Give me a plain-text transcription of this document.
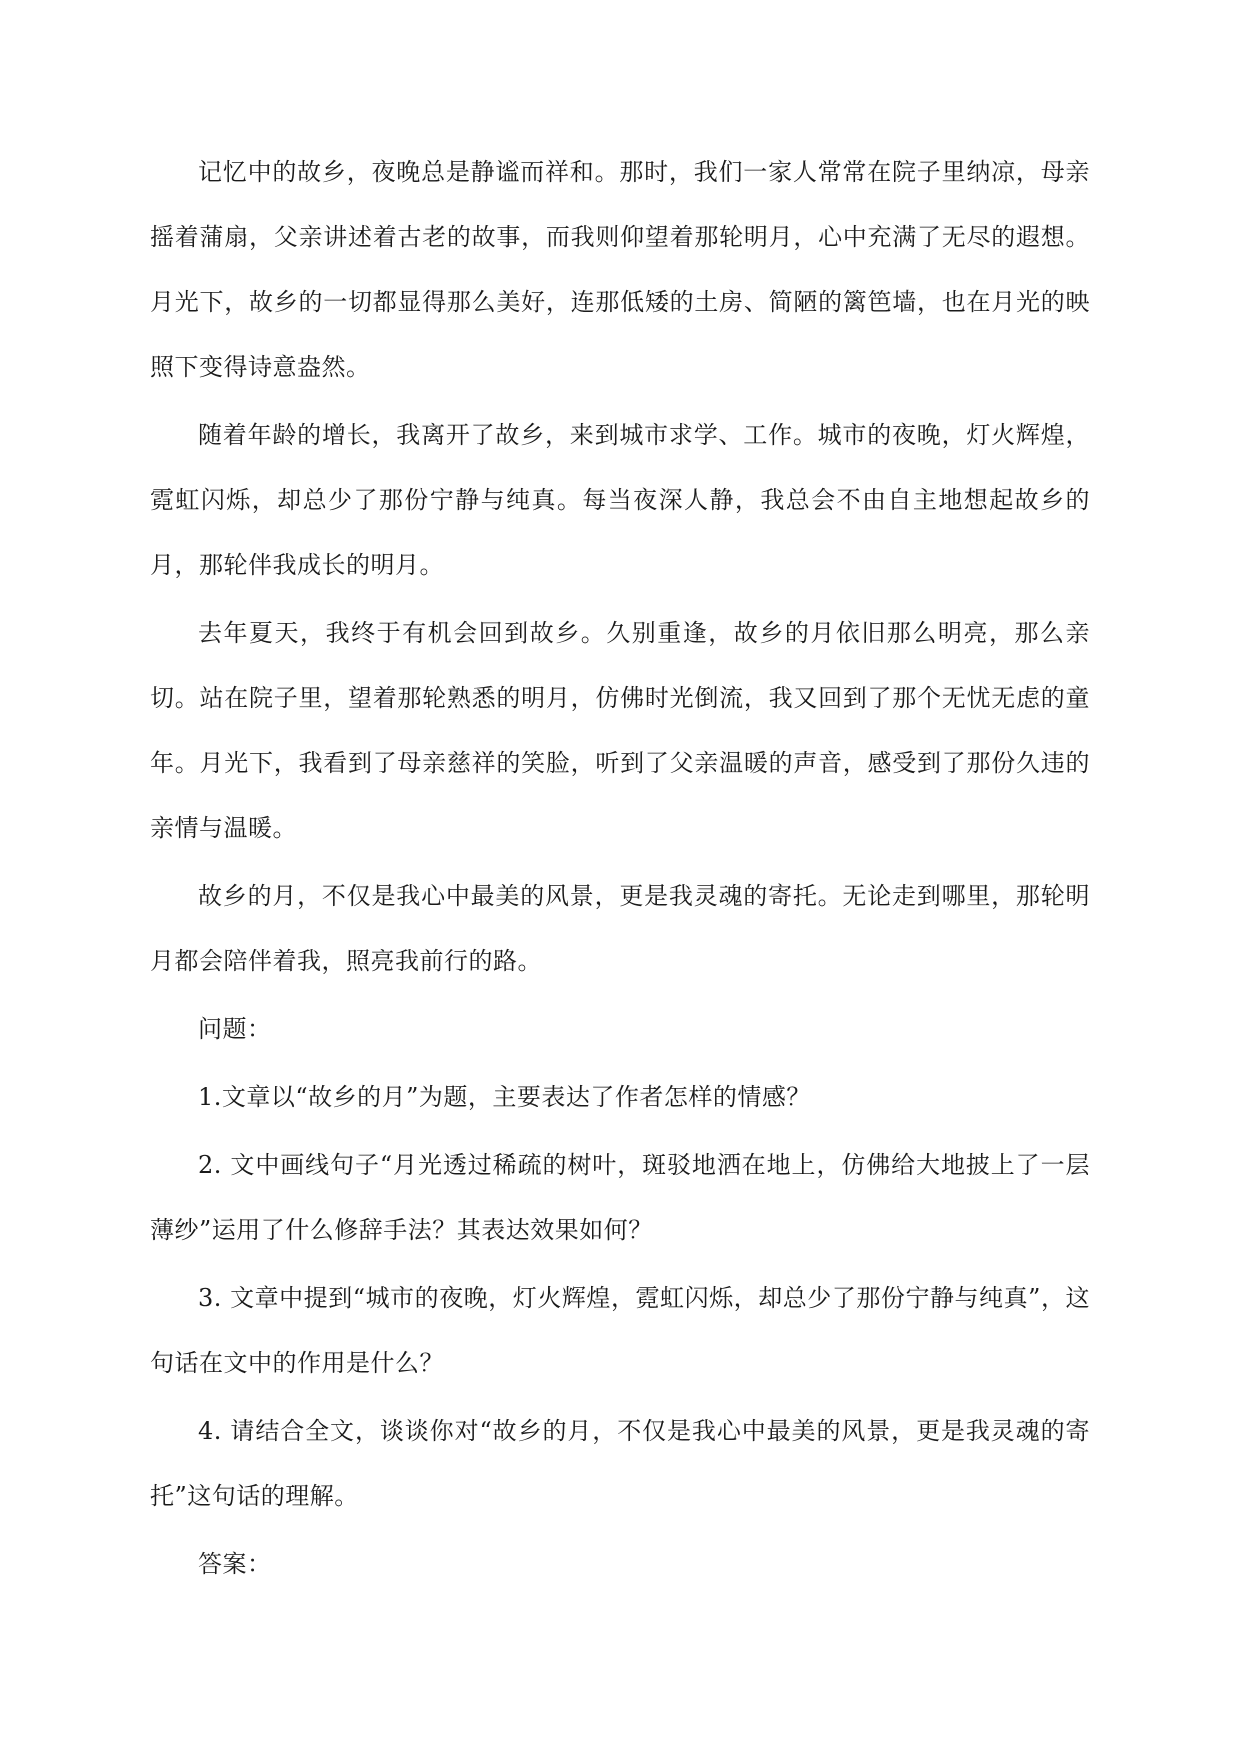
记忆中的故乡，夜晚总是静谧而祥和。那时，我们一家人常常在院子里纳凉，母亲摇着蒲扇，父亲讲述着古老的故事，而我则仰望着那轮明月，心中充满了无尽的遐想。月光下，故乡的一切都显得那么美好，连那低矮的土房、简陋的篱笆墙，也在月光的映照下变得诗意盎然。

随着年龄的增长，我离开了故乡，来到城市求学、工作。城市的夜晚，灯火辉煌，霓虹闪烁，却总少了那份宁静与纯真。每当夜深人静，我总会不由自主地想起故乡的月，那轮伴我成长的明月。

去年夏天，我终于有机会回到故乡。久别重逢，故乡的月依旧那么明亮，那么亲切。站在院子里，望着那轮熟悉的明月，仿佛时光倒流，我又回到了那个无忧无虑的童年。月光下，我看到了母亲慈祥的笑脸，听到了父亲温暖的声音，感受到了那份久违的亲情与温暖。

故乡的月，不仅是我心中最美的风景，更是我灵魂的寄托。无论走到哪里，那轮明月都会陪伴着我，照亮我前行的路。

问题：

1.文章以“故乡的月”为题，主要表达了作者怎样的情感？

2. 文中画线句子“月光透过稀疏的树叶，斑驳地洒在地上，仿佛给大地披上了一层薄纱”运用了什么修辞手法？其表达效果如何？

3. 文章中提到“城市的夜晚，灯火辉煌，霓虹闪烁，却总少了那份宁静与纯真”，这句话在文中的作用是什么？

4. 请结合全文，谈谈你对“故乡的月，不仅是我心中最美的风景，更是我灵魂的寄托”这句话的理解。

答案：
